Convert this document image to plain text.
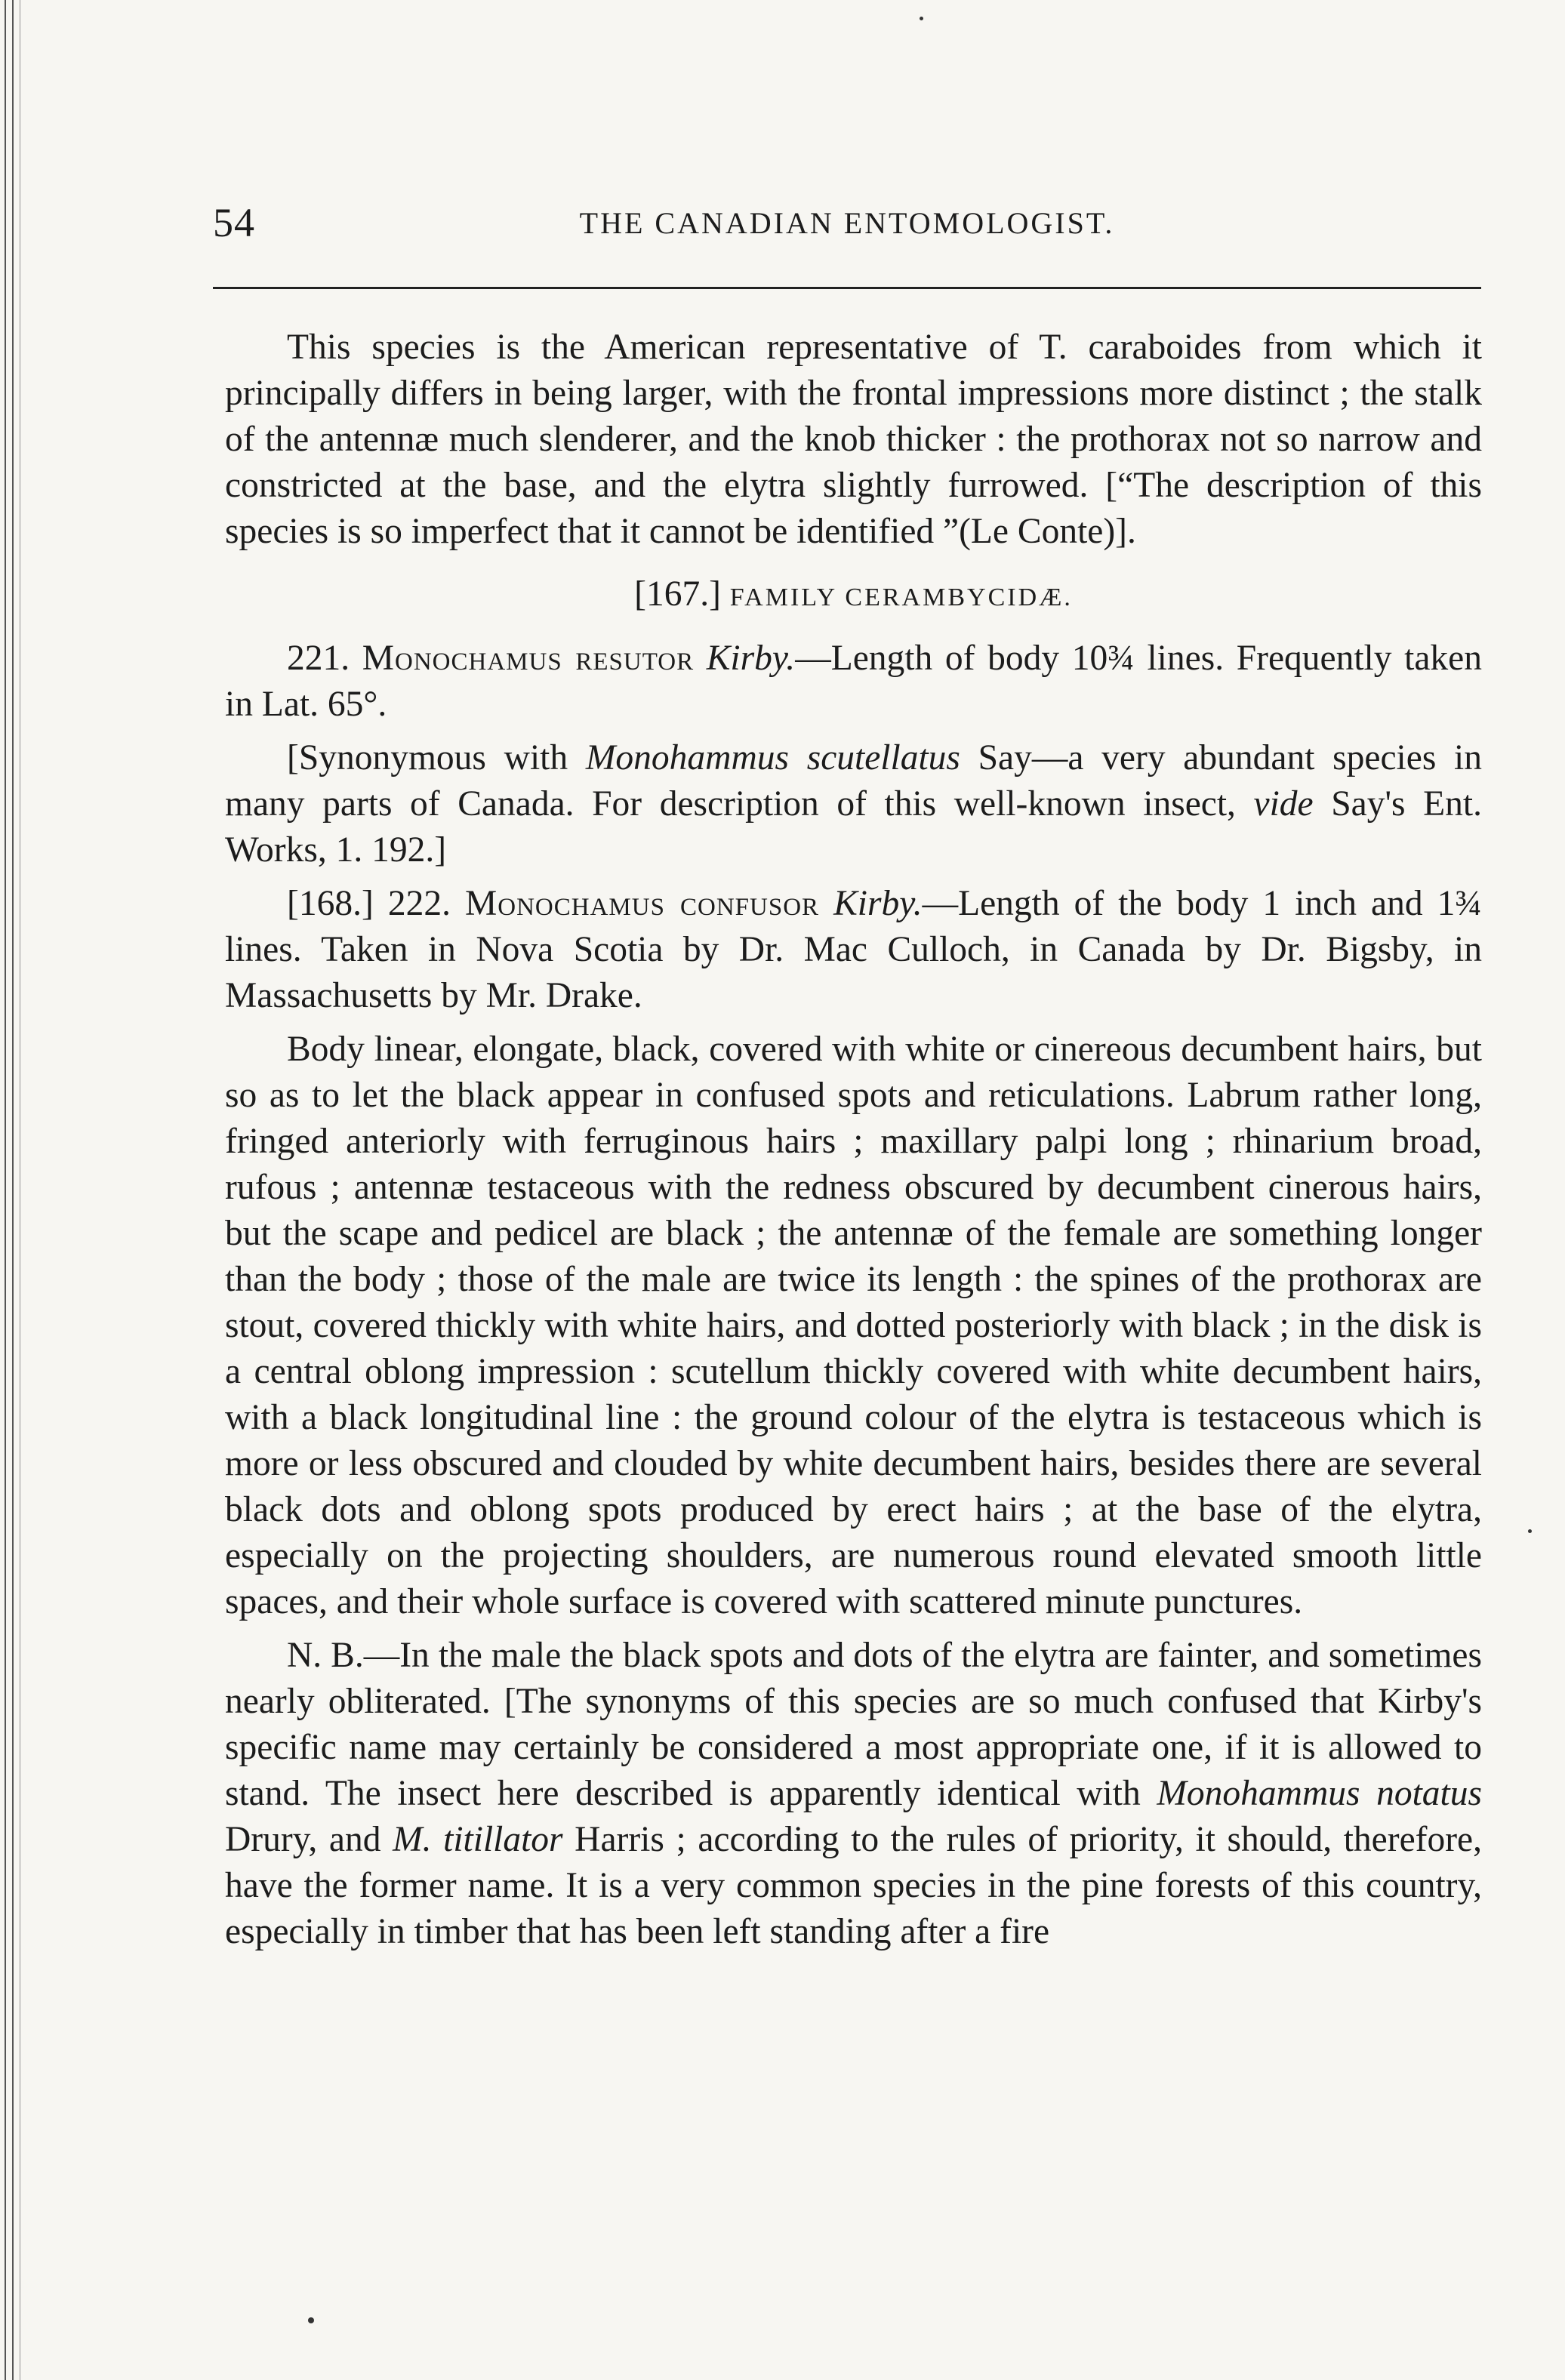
54	THE CANADIAN ENTOMOLOGIST.

This species is the American representative of T. caraboides from which it principally differs in being larger, with the frontal impressions more distinct ; the stalk of the antennæ much slenderer, and the knob thicker : the prothorax not so narrow and constricted at the base, and the elytra slightly furrowed. [“The description of this species is so imperfect that it cannot be identified ”(Le Conte)].

[167.] FAMILY CERAMBYCIDÆ.

221. Monochamus resutor Kirby.—Length of body 10¾ lines. Frequently taken in Lat. 65°.

[Synonymous with Monohammus scutellatus Say—a very abundant species in many parts of Canada. For description of this well-known insect, vide Say's Ent. Works, 1. 192.]

[168.] 222. Monochamus confusor Kirby.—Length of the body 1 inch and 1¾ lines. Taken in Nova Scotia by Dr. Mac Culloch, in Canada by Dr. Bigsby, in Massachusetts by Mr. Drake.

Body linear, elongate, black, covered with white or cinereous decumbent hairs, but so as to let the black appear in confused spots and reticulations. Labrum rather long, fringed anteriorly with ferruginous hairs ; maxillary palpi long ; rhinarium broad, rufous ; antennæ testaceous with the redness obscured by decumbent cinerous hairs, but the scape and pedicel are black ; the antennæ of the female are something longer than the body ; those of the male are twice its length : the spines of the prothorax are stout, covered thickly with white hairs, and dotted posteriorly with black ; in the disk is a central oblong impression : scutellum thickly covered with white decumbent hairs, with a black longitudinal line : the ground colour of the elytra is testaceous which is more or less obscured and clouded by white decumbent hairs, besides there are several black dots and oblong spots produced by erect hairs ; at the base of the elytra, especially on the projecting shoulders, are numerous round elevated smooth little spaces, and their whole surface is covered with scattered minute punctures.

N. B.—In the male the black spots and dots of the elytra are fainter, and sometimes nearly obliterated. [The synonyms of this species are so much confused that Kirby's specific name may certainly be considered a most appropriate one, if it is allowed to stand. The insect here described is apparently identical with Monohammus notatus Drury, and M. titillator Harris ; according to the rules of priority, it should, therefore, have the former name. It is a very common species in the pine forests of this country, especially in timber that has been left standing after a fire
